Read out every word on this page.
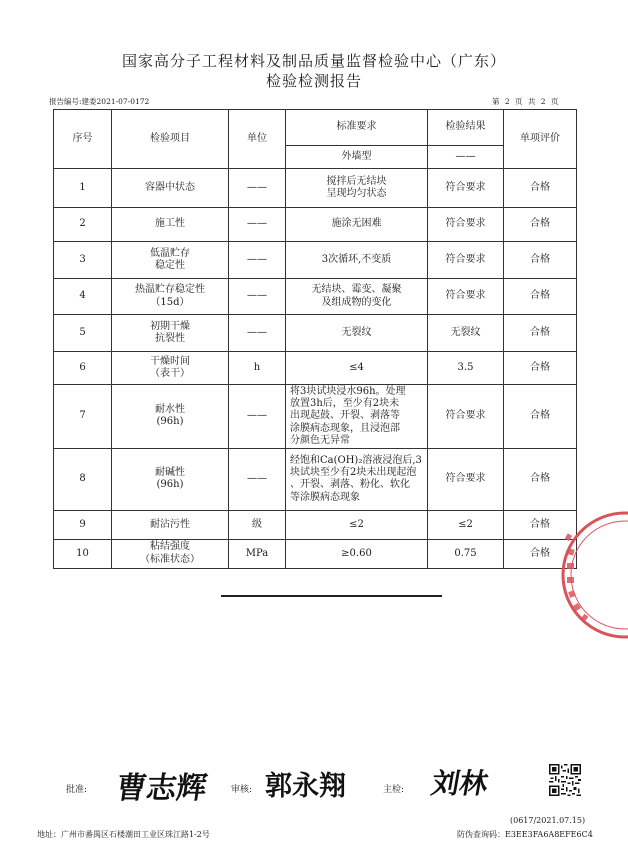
国家高分子工程材料及制品质量监督检验中心（广东）
检验检测报告
报告编号:建委2021-07-0172	第 2 页 共 2 页
序号	检验项目	单位	标准要求	检验结果	单项评价
			外墙型	——	
1	容器中状态	——	搅拌后无结块
呈现均匀状态	符合要求	合格
2	施工性	——	施涂无困难	符合要求	合格
3	低温贮存
稳定性	——	3次循环,不变质	符合要求	合格
4	热温贮存稳定性
（15d）	——	无结块、霉变、凝聚
及组成物的变化	符合要求	合格
5	初期干燥
抗裂性	——	无裂纹	无裂纹	合格
6	干燥时间
（表干）	h	≤4	3.5	合格
7	耐水性
(96h)	——	将3块试块浸水96h。处理
放置3h后，至少有2块未
出现起鼓、开裂、剥落等
涂膜病态现象，且浸泡部
分颜色无异常	符合要求	合格
8	耐碱性
(96h)	——	经饱和Ca(OH)₂溶液浸泡后,3
块试块至少有2块未出现起泡
、开裂、剥落、粉化、软化
等涂膜病态现象	符合要求	合格
9	耐沾污性	级	≤2	≤2	合格
10	粘结强度
（标准状态）	MPa	≥0.60	0.75	合格
批准: 曹志辉 审核: 郭永翔	主检: 刘林
(0617/2021.07.15)
地址：广州市番禺区石楼潮田工业区珠江路1-2号	防伪查询码：E3EE3FA6A8EFE6C4
